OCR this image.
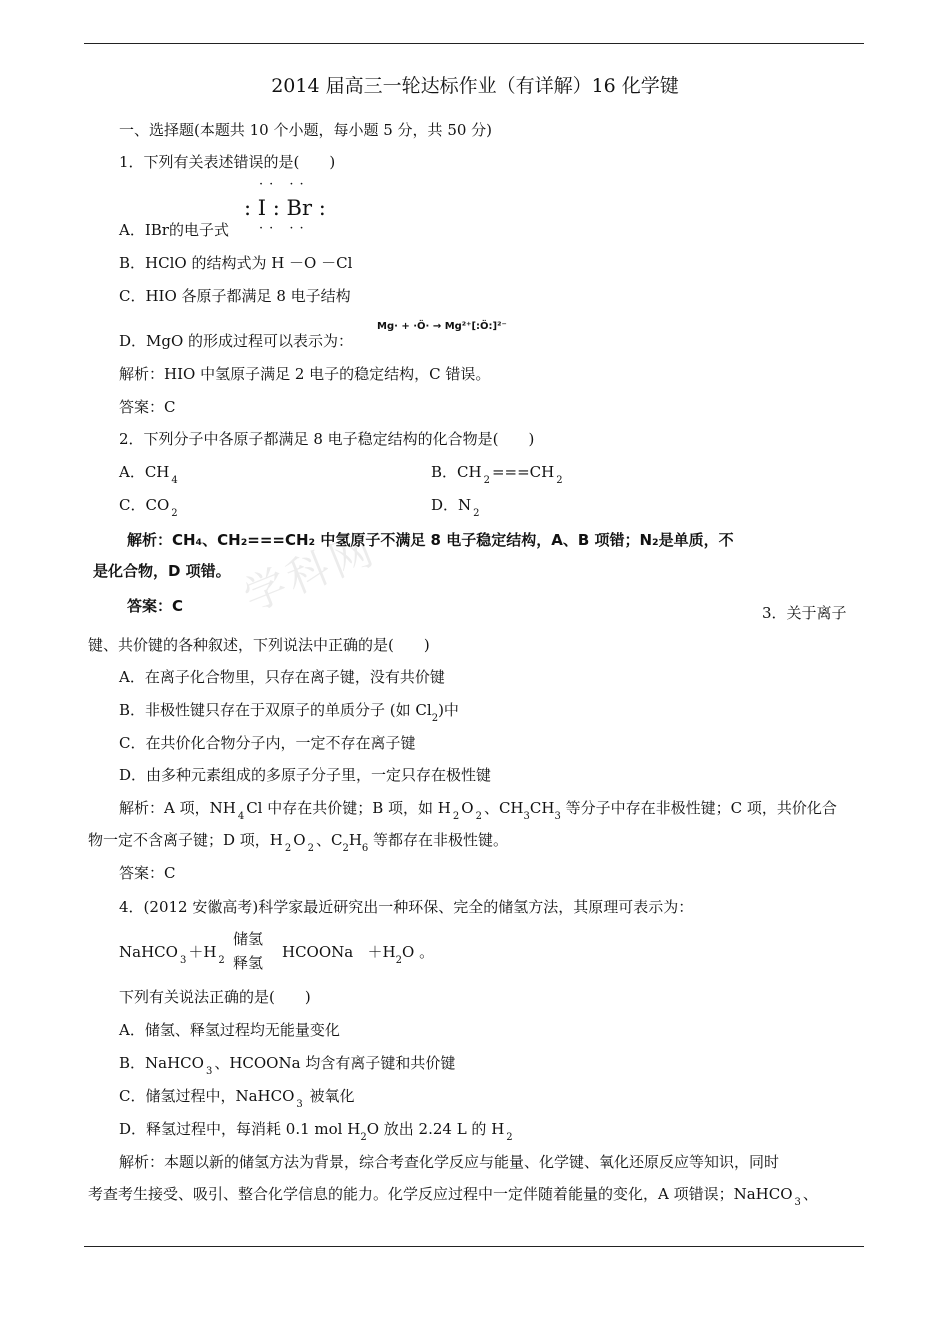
2014 届高三一轮达标作业（有详解）16 化学键
学科网
一、选择题(本题共 10 个小题，每小题 5 分，共 50 分)
1．下列有关表述错误的是(　　)
·· ··
: I : Br :
·· ··
A．IBr的电子式
B．HClO 的结构式为 H －O －Cl
C．HIO 各原子都满足 8 电子结构
D．MgO 的形成过程可以表示为：
Mg· + ·Ö· → Mg²⁺[:Ö:]²⁻
解析：HIO 中氢原子满足 2 电子的稳定结构，C 错误。
答案：C
2．下列分子中各原子都满足 8 电子稳定结构的化合物是(　　)
A．CH $_4$	B．CH $_2$ ===CH $_2$
C．CO $_2$	D．N $_2$
解析：CH₄、CH₂===CH₂ 中氢原子不满足 8 电子稳定结构，A、B 项错；N₂是单质，不
是化合物，D 项错。
答案：C	3．关于离子
键、共价键的各种叙述，下列说法中正确的是(　　)
A．在离子化合物里，只存在离子键，没有共价键
B．非极性键只存在于双原子的单质分子 (如 $Cl_2$)中
C．在共价化合物分子内，一定不存在离子键
D．由多种元素组成的多原子分子里，一定只存在极性键
解析：A 项，NH $_4$ Cl 中存在共价键；B 项，如 H $_2$ O $_2$ 、$CH_3CH_3$ 等分子中存在非极性键；C 项，共价化合
物一定不含离子键；D 项，H $_2$ O $_2$ 、$C_2H_6$ 等都存在非极性键。
答案：C
4．(2012 安徽高考)科学家最近研究出一种环保、完全的储氢方法，其原理可表示为：
NaHCO $_3$ ＋H $_2$
储氢
释氢
HCOONa $+H_2O$ 。
下列有关说法正确的是(　　)
A．储氢、释氢过程均无能量变化
B．NaHCO $_3$ 、HCOONa 均含有离子键和共价键
C．储氢过程中，NaHCO $_3$ 被氧化
D．释氢过程中，每消耗 0.1 mol $H_2O$ 放出 2.24 L 的 H $_2$
解析：本题以新的储氢方法为背景，综合考查化学反应与能量、化学键、氧化还原反应等知识，同时
考查考生接受、吸引、整合化学信息的能力。化学反应过程中一定伴随着能量的变化，A 项错误；NaHCO $_3$ 、
